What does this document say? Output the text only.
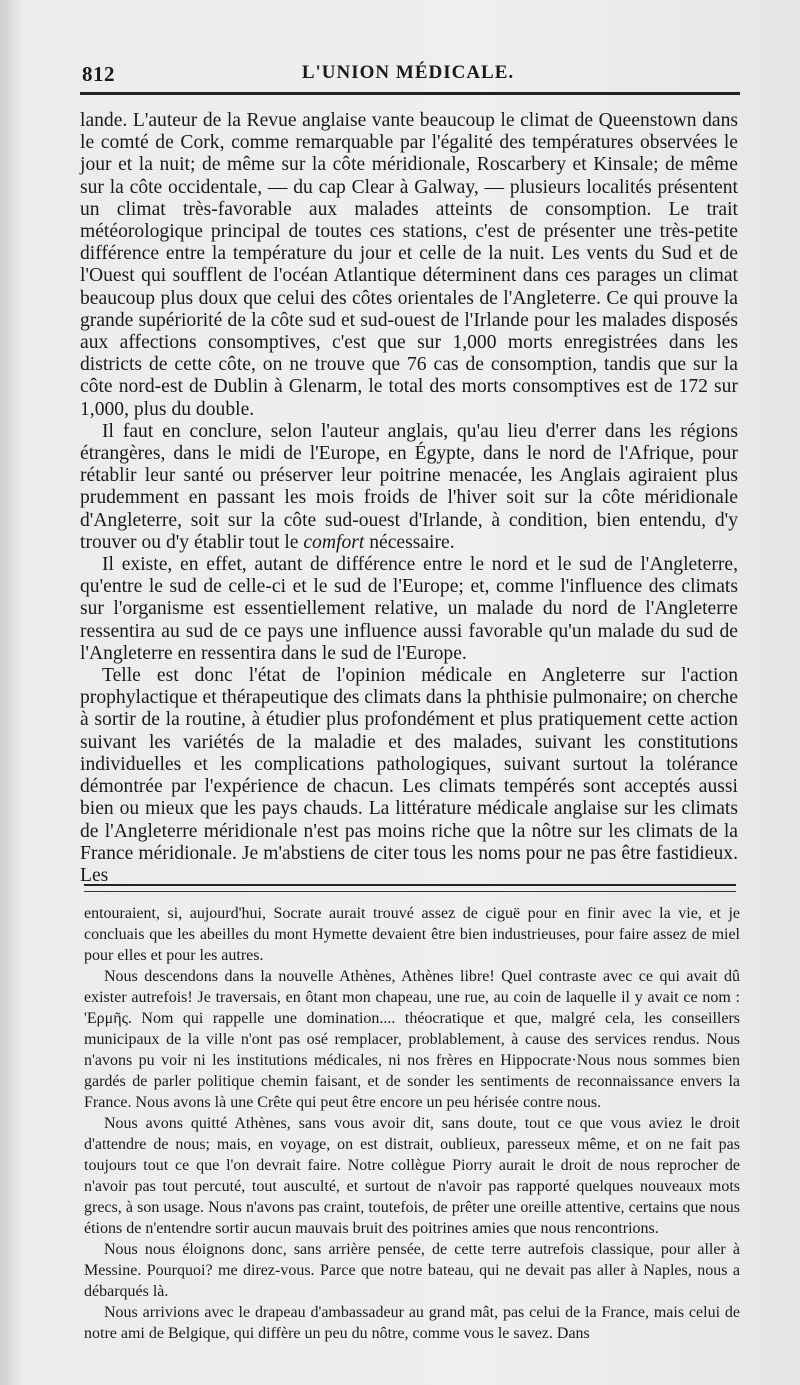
812	L'UNION MÉDICALE.

lande. L'auteur de la Revue anglaise vante beaucoup le climat de Queenstown dans le comté de Cork, comme remarquable par l'égalité des températures observées le jour et la nuit; de même sur la côte méridionale, Roscarbery et Kinsale; de même sur la côte occidentale, — du cap Clear à Galway, — plusieurs localités présentent un climat très-favorable aux malades atteints de consomption. Le trait météorologique principal de toutes ces stations, c'est de présenter une très-petite différence entre la température du jour et celle de la nuit. Les vents du Sud et de l'Ouest qui soufflent de l'océan Atlantique déterminent dans ces parages un climat beaucoup plus doux que celui des côtes orientales de l'Angleterre. Ce qui prouve la grande supériorité de la côte sud et sud-ouest de l'Irlande pour les malades disposés aux affections consomptives, c'est que sur 1,000 morts enregistrées dans les districts de cette côte, on ne trouve que 76 cas de consomption, tandis que sur la côte nord-est de Dublin à Glenarm, le total des morts consomptives est de 172 sur 1,000, plus du double.

Il faut en conclure, selon l'auteur anglais, qu'au lieu d'errer dans les régions étrangères, dans le midi de l'Europe, en Égypte, dans le nord de l'Afrique, pour rétablir leur santé ou préserver leur poitrine menacée, les Anglais agiraient plus prudemment en passant les mois froids de l'hiver soit sur la côte méridionale d'Angleterre, soit sur la côte sud-ouest d'Irlande, à condition, bien entendu, d'y trouver ou d'y établir tout le comfort nécessaire.

Il existe, en effet, autant de différence entre le nord et le sud de l'Angleterre, qu'entre le sud de celle-ci et le sud de l'Europe; et, comme l'influence des climats sur l'organisme est essentiellement relative, un malade du nord de l'Angleterre ressentira au sud de ce pays une influence aussi favorable qu'un malade du sud de l'Angleterre en ressentira dans le sud de l'Europe.

Telle est donc l'état de l'opinion médicale en Angleterre sur l'action prophylactique et thérapeutique des climats dans la phthisie pulmonaire; on cherche à sortir de la routine, à étudier plus profondément et plus pratiquement cette action suivant les variétés de la maladie et des malades, suivant les constitutions individuelles et les complications pathologiques, suivant surtout la tolérance démontrée par l'expérience de chacun. Les climats tempérés sont acceptés aussi bien ou mieux que les pays chauds. La littérature médicale anglaise sur les climats de l'Angleterre méridionale n'est pas moins riche que la nôtre sur les climats de la France méridionale. Je m'abstiens de citer tous les noms pour ne pas être fastidieux. Les

entouraient, si, aujourd'hui, Socrate aurait trouvé assez de ciguë pour en finir avec la vie, et je concluais que les abeilles du mont Hymette devaient être bien industrieuses, pour faire assez de miel pour elles et pour les autres.

Nous descendons dans la nouvelle Athènes, Athènes libre! Quel contraste avec ce qui avait dû exister autrefois! Je traversais, en ôtant mon chapeau, une rue, au coin de laquelle il y avait ce nom : 'Eρμῆς. Nom qui rappelle une domination.... théocratique et que, malgré cela, les conseillers municipaux de la ville n'ont pas osé remplacer, problablement, à cause des services rendus. Nous n'avons pu voir ni les institutions médicales, ni nos frères en Hippocrate·Nous nous sommes bien gardés de parler politique chemin faisant, et de sonder les sentiments de reconnaissance envers la France. Nous avons là une Crête qui peut être encore un peu hérisée contre nous.

Nous avons quitté Athènes, sans vous avoir dit, sans doute, tout ce que vous aviez le droit d'attendre de nous; mais, en voyage, on est distrait, oublieux, paresseux même, et on ne fait pas toujours tout ce que l'on devrait faire. Notre collègue Piorry aurait le droit de nous reprocher de n'avoir pas tout percuté, tout ausculté, et surtout de n'avoir pas rapporté quelques nouveaux mots grecs, à son usage. Nous n'avons pas craint, toutefois, de prêter une oreille attentive, certains que nous étions de n'entendre sortir aucun mauvais bruit des poitrines amies que nous rencontrions.

Nous nous éloignons donc, sans arrière pensée, de cette terre autrefois classique, pour aller à Messine. Pourquoi? me direz-vous. Parce que notre bateau, qui ne devait pas aller à Naples, nous a débarqués là.

Nous arrivions avec le drapeau d'ambassadeur au grand mât, pas celui de la France, mais celui de notre ami de Belgique, qui diffère un peu du nôtre, comme vous le savez. Dans
